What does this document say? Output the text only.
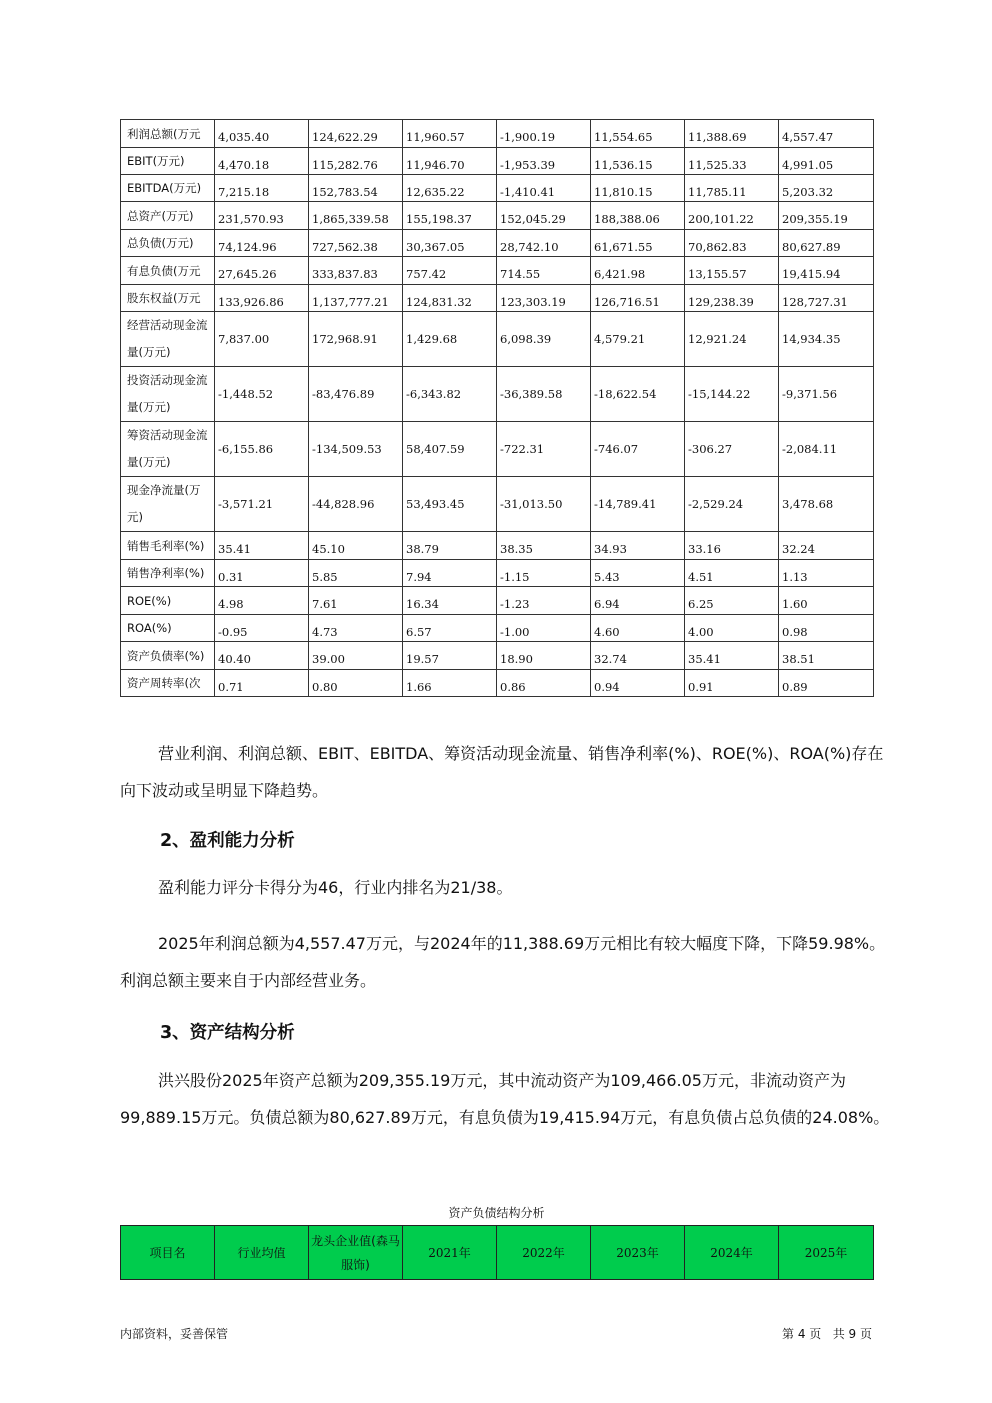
利润总额(万元	4,035.40	124,622.29	11,960.57	-1,900.19	11,554.65	11,388.69	4,557.47
EBIT(万元)	4,470.18	115,282.76	11,946.70	-1,953.39	11,536.15	11,525.33	4,991.05
EBITDA(万元)	7,215.18	152,783.54	12,635.22	-1,410.41	11,810.15	11,785.11	5,203.32
总资产(万元)	231,570.93	1,865,339.58	155,198.37	152,045.29	188,388.06	200,101.22	209,355.19
总负债(万元)	74,124.96	727,562.38	30,367.05	28,742.10	61,671.55	70,862.83	80,627.89
有息负债(万元	27,645.26	333,837.83	757.42	714.55	6,421.98	13,155.57	19,415.94
股东权益(万元	133,926.86	1,137,777.21	124,831.32	123,303.19	126,716.51	129,238.39	128,727.31
经营活动现金流量(万元)	7,837.00	172,968.91	1,429.68	6,098.39	4,579.21	12,921.24	14,934.35
投资活动现金流量(万元)	-1,448.52	-83,476.89	-6,343.82	-36,389.58	-18,622.54	-15,144.22	-9,371.56
筹资活动现金流量(万元)	-6,155.86	-134,509.53	58,407.59	-722.31	-746.07	-306.27	-2,084.11
现金净流量(万元)	-3,571.21	-44,828.96	53,493.45	-31,013.50	-14,789.41	-2,529.24	3,478.68
销售毛利率(%)	35.41	45.10	38.79	38.35	34.93	33.16	32.24
销售净利率(%)	0.31	5.85	7.94	-1.15	5.43	4.51	1.13
ROE(%)	4.98	7.61	16.34	-1.23	6.94	6.25	1.60
ROA(%)	-0.95	4.73	6.57	-1.00	4.60	4.00	0.98
资产负债率(%)	40.40	39.00	19.57	18.90	32.74	35.41	38.51
资产周转率(次	0.71	0.80	1.66	0.86	0.94	0.91	0.89

营业利润、利润总额、EBIT、EBITDA、筹资活动现金流量、销售净利率(%)、ROE(%)、ROA(%)存在向下波动或呈明显下降趋势。

2、盈利能力分析

盈利能力评分卡得分为46，行业内排名为21/38。

2025年利润总额为4,557.47万元，与2024年的11,388.69万元相比有较大幅度下降，下降59.98%。利润总额主要来自于内部经营业务。

3、资产结构分析

洪兴股份2025年资产总额为209,355.19万元，其中流动资产为109,466.05万元，非流动资产为99,889.15万元。负债总额为80,627.89万元，有息负债为19,415.94万元，有息负债占总负债的24.08%。

资产负债结构分析
项目名	行业均值	龙头企业值(森马服饰)	2021年	2022年	2023年	2024年	2025年
内部资料，妥善保管	第 4 页   共 9 页
